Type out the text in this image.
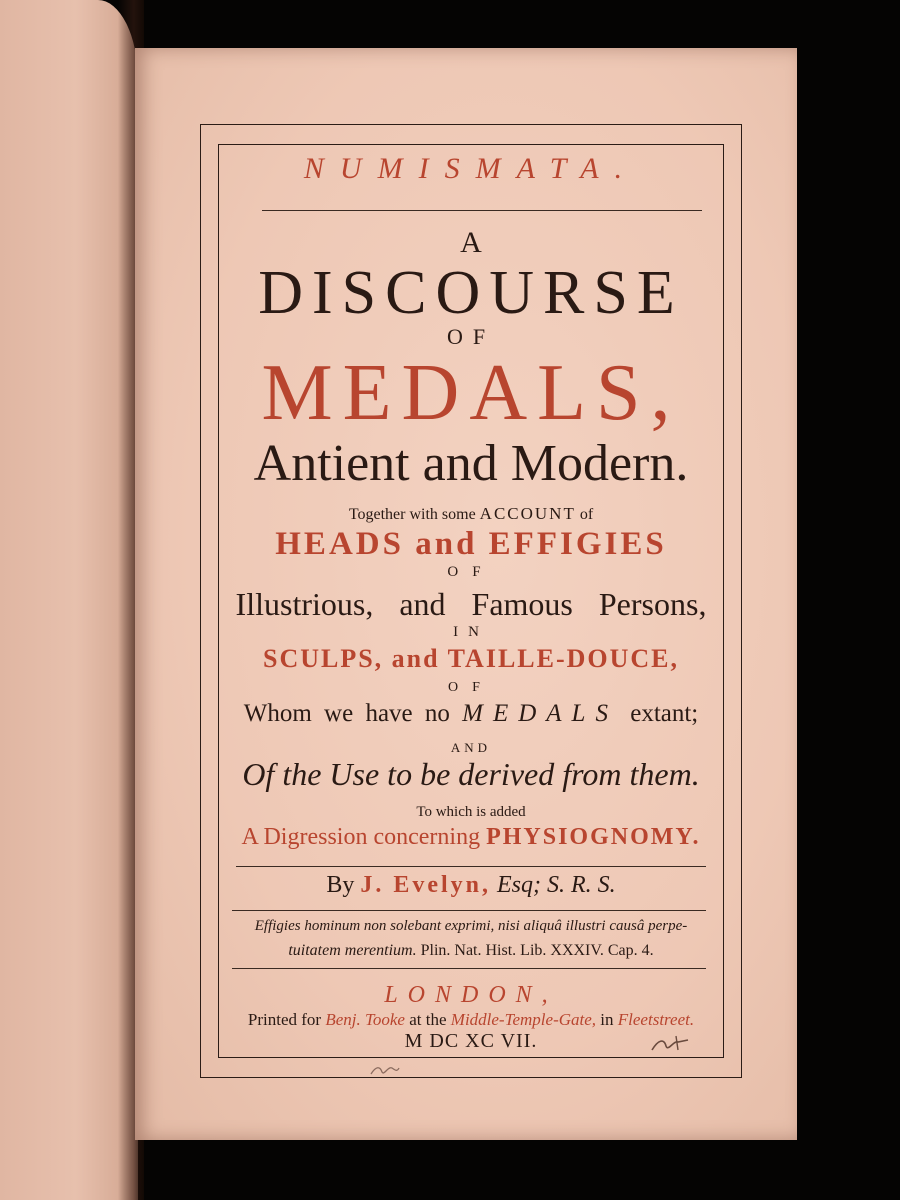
NUMISMATA.
A
DISCOURSE
OF
MEDALS,
Antient and Modern.
Together with some ACCOUNT of
HEADS and EFFIGIES
OF
Illustrious, and Famous Persons,
IN
SCULPS, and TAILLE-DOUCE,
OF
Whom we have no MEDALS extant;
AND
Of the Use to be derived from them.
To which is added
A Digression concerning PHYSIOGNOMY.
By J. Evelyn, Esq; S. R. S.
Effigies hominum non solebant exprimi, nisi aliquâ illustri causâ perpe-
tuitatem merentium. Plin. Nat. Hist. Lib. XXXIV. Cap. 4.
LONDON,
Printed for Benj. Tooke at the Middle-Temple-Gate, in Fleetstreet.
M DC XC VII.
